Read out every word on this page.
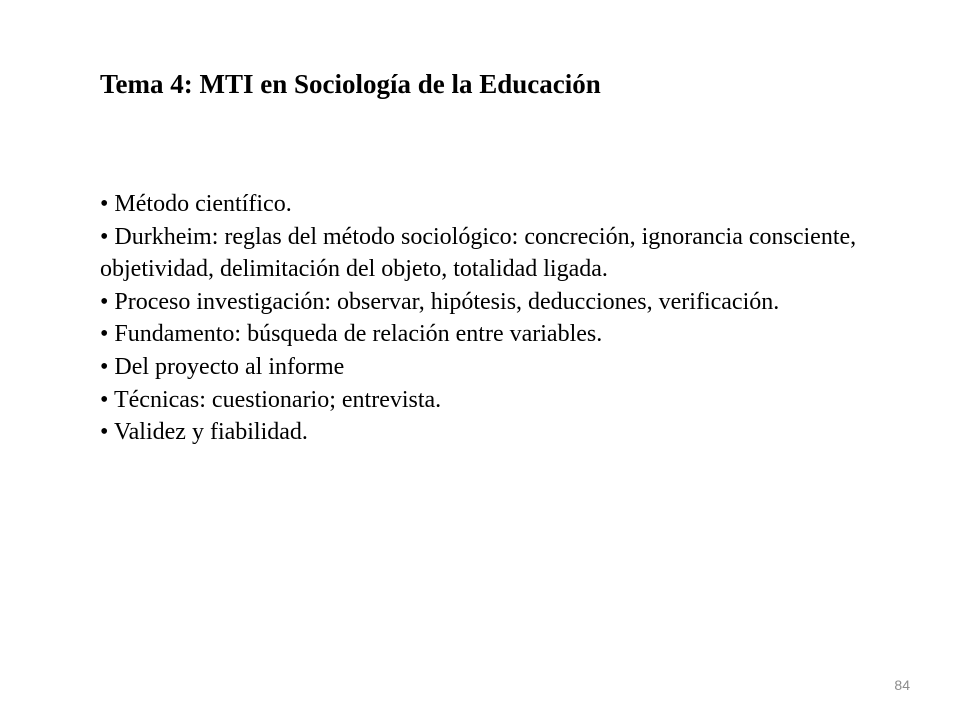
Tema 4: MTI en Sociología de la Educación
• Método científico.
• Durkheim: reglas del método sociológico: concreción, ignorancia consciente, objetividad, delimitación del objeto, totalidad ligada.
• Proceso investigación: observar, hipótesis, deducciones, verificación.
• Fundamento: búsqueda de relación entre variables.
• Del proyecto al informe
• Técnicas: cuestionario; entrevista.
• Validez y fiabilidad.
84
